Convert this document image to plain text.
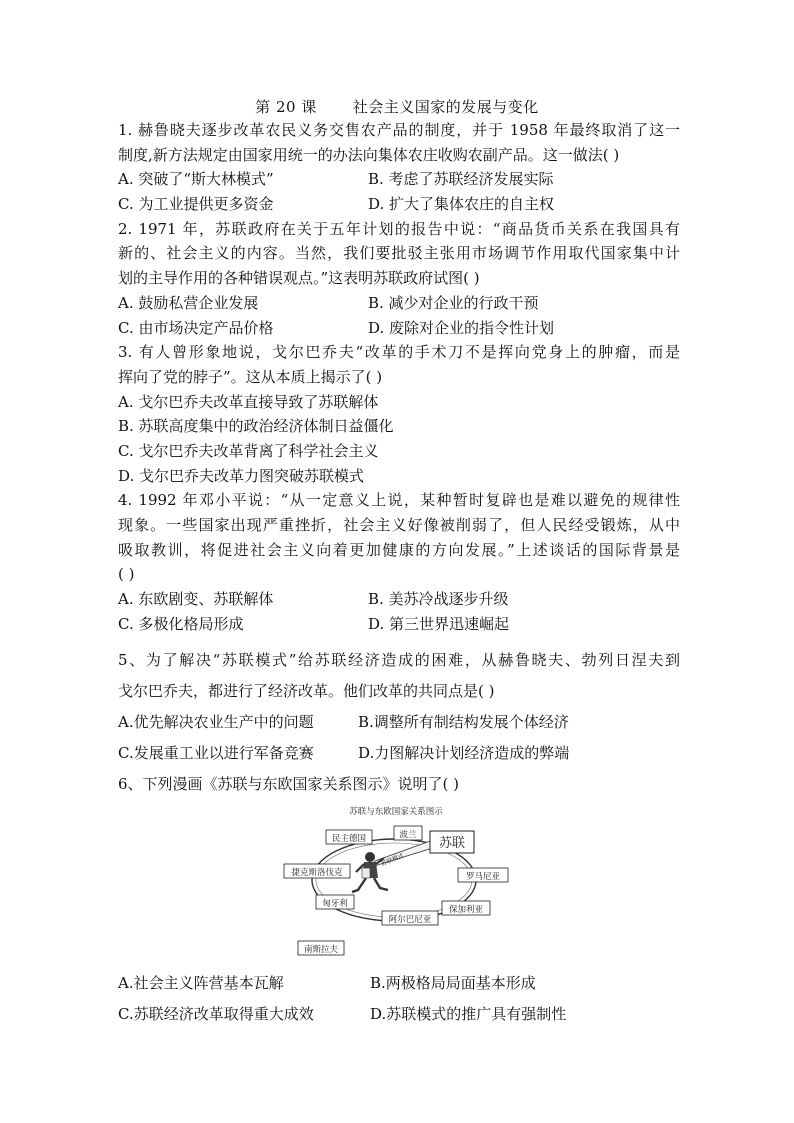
第 20 课 社会主义国家的发展与变化
1. 赫鲁晓夫逐步改革农民义务交售农产品的制度，并于 1958 年最终取消了这一
制度,新方法规定由国家用统一的办法向集体农庄收购农副产品。这一做法( )
A. 突破了“斯大林模式”	B. 考虑了苏联经济发展实际
C. 为工业提供更多资金	D. 扩大了集体农庄的自主权
2. 1971 年，苏联政府在关于五年计划的报告中说：“商品货币关系在我国具有
新的、社会主义的内容。当然，我们要批驳主张用市场调节作用取代国家集中计
划的主导作用的各种错误观点。”这表明苏联政府试图( )
A. 鼓励私营企业发展	B. 减少对企业的行政干预
C. 由市场决定产品价格	D. 废除对企业的指令性计划
3. 有人曾形象地说，戈尔巴乔夫“改革的手术刀不是挥向党身上的肿瘤，而是
挥向了党的脖子”。这从本质上揭示了( )
A. 戈尔巴乔夫改革直接导致了苏联解体
B. 苏联高度集中的政治经济体制日益僵化
C. 戈尔巴乔夫改革背离了科学社会主义
D. 戈尔巴乔夫改革力图突破苏联模式
4. 1992 年邓小平说：“从一定意义上说，某种暂时复辟也是难以避免的规律性
现象。一些国家出现严重挫折，社会主义好像被削弱了，但人民经受锻炼，从中
吸取教训，将促进社会主义向着更加健康的方向发展。”上述谈话的国际背景是
( )
A. 东欧剧变、苏联解体	B. 美苏冷战逐步升级
C. 多极化格局形成	D. 第三世界迅速崛起
5、为了解决“苏联模式”给苏联经济造成的困难，从赫鲁晓夫、勃列日涅夫到
戈尔巴乔夫，都进行了经济改革。他们改革的共同点是( )
A.优先解决农业生产中的问题	B.调整所有制结构发展个体经济
C.发展重工业以进行军备竞赛	D.力图解决计划经济造成的弊端
6、下列漫画《苏联与东欧国家关系图示》说明了( )
苏联与东欧国家关系图示
苏联模式
苏联
民主德国	波兰
捷克斯洛伐克	罗马尼亚
匈牙利
保加利亚
阿尔巴尼亚
南斯拉夫
A.社会主义阵营基本瓦解	B.两极格局局面基本形成
C.苏联经济改革取得重大成效	D.苏联模式的推广具有强制性
